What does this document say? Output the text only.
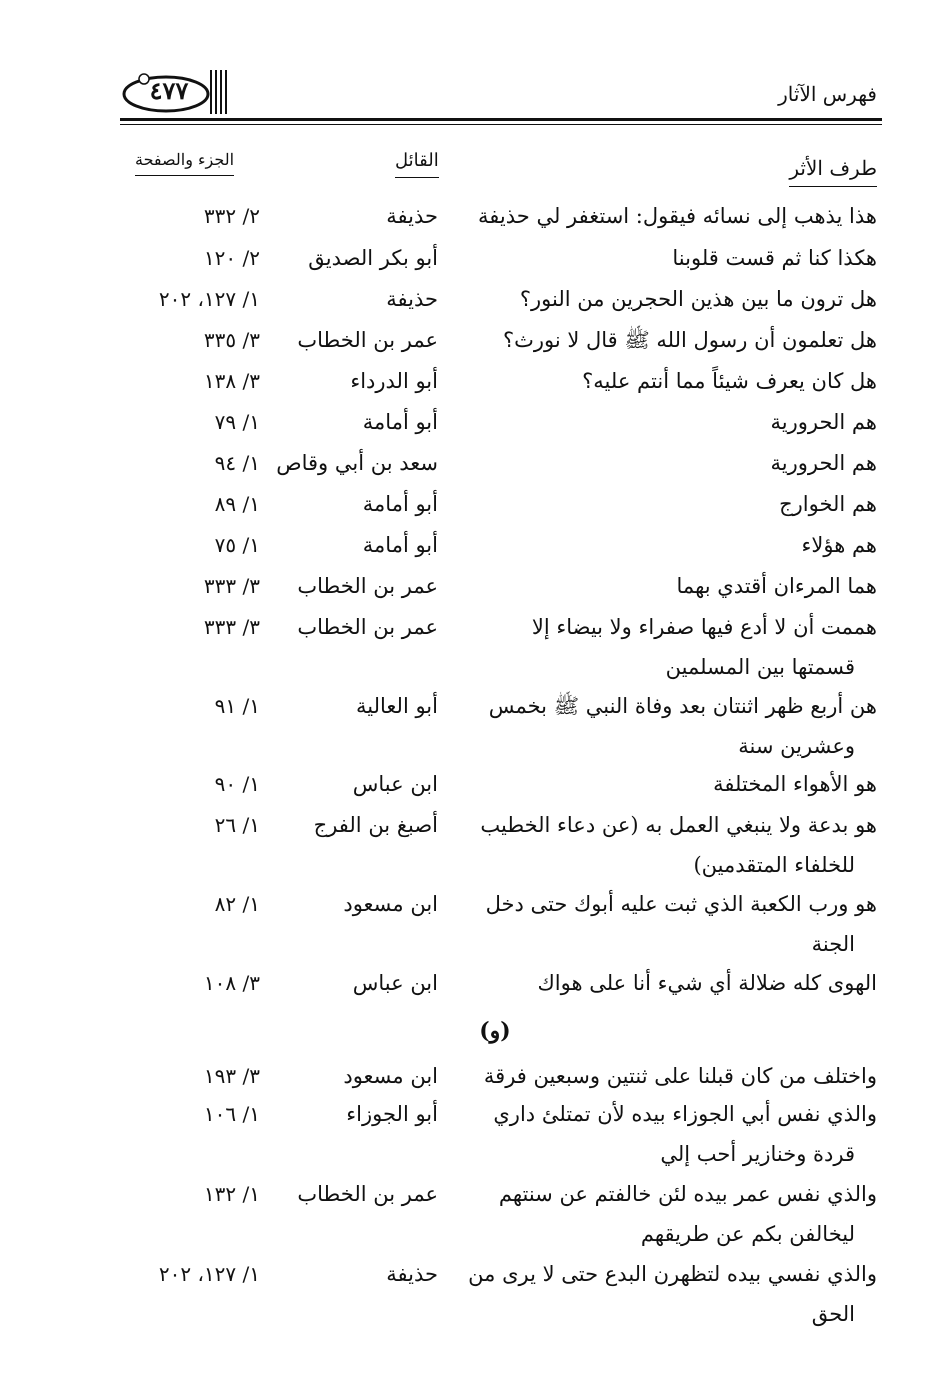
فهرس الآثار
٤٧٧
طرف الأثر
القائل
الجزء والصفحة
هذا يذهب إلى نسائه فيقول: استغفر لي حذيفة
حذيفة
٢/ ٣٣٢
هكذا كنا ثم قست قلوبنا
أبو بكر الصديق
٢/ ١٢٠
هل ترون ما بين هذين الحجرين من النور؟
حذيفة
١/ ١٢٧، ٢٠٢
هل تعلمون أن رسول الله ﷺ قال لا نورث؟
عمر بن الخطاب
٣/ ٣٣٥
هل كان يعرف شيئاً مما أنتم عليه؟
أبو الدرداء
٣/ ١٣٨
هم الحرورية
أبو أمامة
١/ ٧٩
هم الحرورية
سعد بن أبي وقاص
١/ ٩٤
هم الخوارج
أبو أمامة
١/ ٨٩
هم هؤلاء
أبو أمامة
١/ ٧٥
هما المرءان أقتدي بهما
عمر بن الخطاب
٣/ ٣٣٣
هممت أن لا أدع فيها صفراء ولا بيضاء إلا
قسمتها بين المسلمين
عمر بن الخطاب
٣/ ٣٣٣
هن أربع ظهر اثنتان بعد وفاة النبي ﷺ بخمس
وعشرين سنة
أبو العالية
١/ ٩١
هو الأهواء المختلفة
ابن عباس
١/ ٩٠
هو بدعة ولا ينبغي العمل به (عن دعاء الخطيب
للخلفاء المتقدمين)
أصبغ بن الفرج
١/ ٢٦
هو ورب الكعبة الذي ثبت عليه أبوك حتى دخل
الجنة
ابن مسعود
١/ ٨٢
الهوى كله ضلالة أي شيء أنا على هواك
ابن عباس
٣/ ١٠٨
(و)
واختلف من كان قبلنا على ثنتين وسبعين فرقة
ابن مسعود
٣/ ١٩٣
والذي نفس أبي الجوزاء بيده لأن تمتلئ داري
قردة وخنازير أحب إلي
أبو الجوزاء
١/ ١٠٦
والذي نفس عمر بيده لئن خالفتم عن سنتهم
ليخالفن بكم عن طريقهم
عمر بن الخطاب
١/ ١٣٢
والذي نفسي بيده لتظهرن البدع حتى لا يرى من
الحق
حذيفة
١/ ١٢٧، ٢٠٢
